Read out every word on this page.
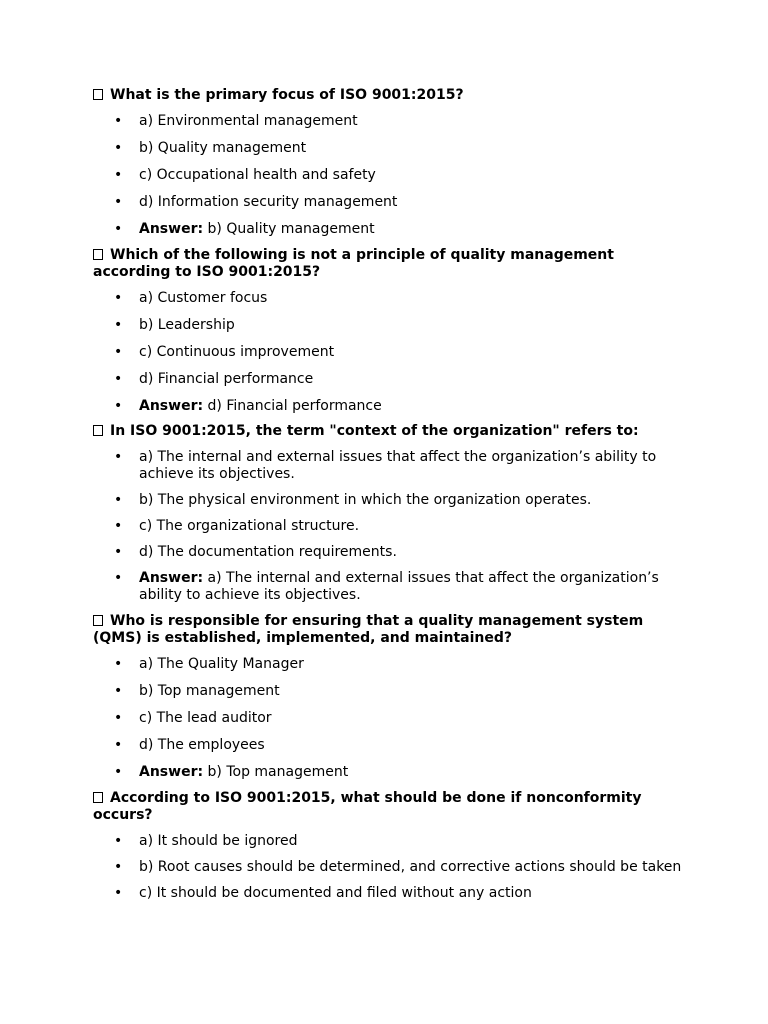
What is the primary focus of ISO 9001:2015?

• a) Environmental management
• b) Quality management
• c) Occupational health and safety
• d) Information security management
• Answer: b) Quality management

Which of the following is not a principle of quality management according to ISO 9001:2015?

• a) Customer focus
• b) Leadership
• c) Continuous improvement
• d) Financial performance
• Answer: d) Financial performance

In ISO 9001:2015, the term "context of the organization" refers to:

• a) The internal and external issues that affect the organization’s ability to achieve its objectives.
• b) The physical environment in which the organization operates.
• c) The organizational structure.
• d) The documentation requirements.
• Answer: a) The internal and external issues that affect the organization’s ability to achieve its objectives.

Who is responsible for ensuring that a quality management system (QMS) is established, implemented, and maintained?

• a) The Quality Manager
• b) Top management
• c) The lead auditor
• d) The employees
• Answer: b) Top management

According to ISO 9001:2015, what should be done if nonconformity occurs?

• a) It should be ignored
• b) Root causes should be determined, and corrective actions should be taken
• c) It should be documented and filed without any action
